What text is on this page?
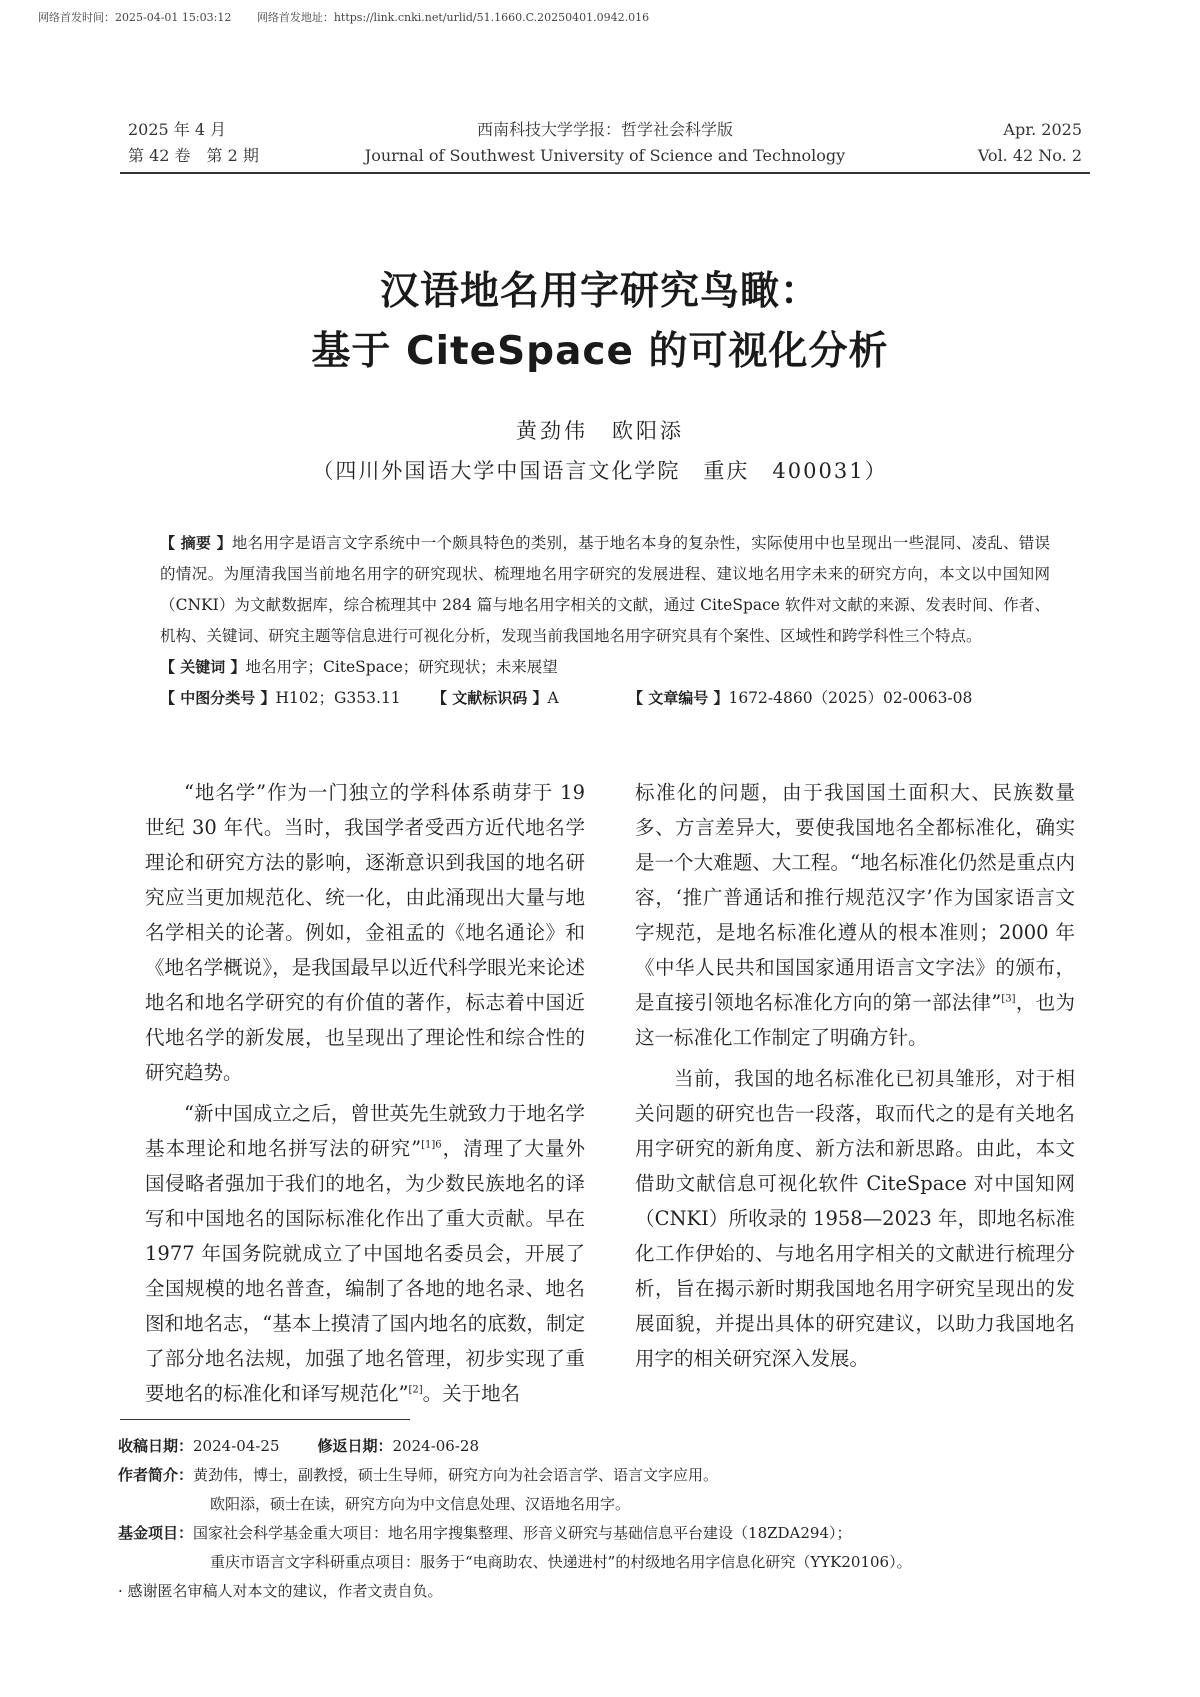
网络首发时间：2025-04-01 15:03:12 网络首发地址：https://link.cnki.net/urlid/51.1660.C.20250401.0942.016
2025 年 4 月
第 42 卷　第 2 期
西南科技大学学报：哲学社会科学版
Journal of Southwest University of Science and Technology
Apr. 2025
Vol. 42 No. 2
汉语地名用字研究鸟瞰：
基于 CiteSpace 的可视化分析
黄劲伟　欧阳添
（四川外国语大学中国语言文化学院　重庆　400031）

【 摘要 】地名用字是语言文字系统中一个颇具特色的类别，基于地名本身的复杂性，实际使用中也呈现出一些混同、凌乱、错误的情况。为厘清我国当前地名用字的研究现状、梳理地名用字研究的发展进程、建议地名用字未来的研究方向，本文以中国知网（CNKI）为文献数据库，综合梳理其中 284 篇与地名用字相关的文献，通过 CiteSpace 软件对文献的来源、发表时间、作者、机构、关键词、研究主题等信息进行可视化分析，发现当前我国地名用字研究具有个案性、区域性和跨学科性三个特点。

【 关键词 】地名用字；CiteSpace；研究现状；未来展望

【 中图分类号 】H102；G353.11 【 文献标识码 】A	【 文章编号 】1672-4860（2025）02-0063-08

“地名学”作为一门独立的学科体系萌芽于 19 世纪 30 年代。当时，我国学者受西方近代地名学理论和研究方法的影响，逐渐意识到我国的地名研究应当更加规范化、统一化，由此涌现出大量与地名学相关的论著。例如，金祖孟的《地名通论》和《地名学概说》，是我国最早以近代科学眼光来论述地名和地名学研究的有价值的著作，标志着中国近代地名学的新发展，也呈现出了理论性和综合性的研究趋势。

“新中国成立之后，曾世英先生就致力于地名学基本理论和地名拼写法的研究”$^{[1]6}$，清理了大量外国侵略者强加于我们的地名，为少数民族地名的译写和中国地名的国际标准化作出了重大贡献。早在 1977 年国务院就成立了中国地名委员会，开展了全国规模的地名普查，编制了各地的地名录、地名图和地名志，“基本上摸清了国内地名的底数，制定了部分地名法规，加强了地名管理，初步实现了重要地名的标准化和译写规范化”[2]。关于地名

标准化的问题，由于我国国土面积大、民族数量多、方言差异大，要使我国地名全都标准化，确实是一个大难题、大工程。“地名标准化仍然是重点内容，‘推广普通话和推行规范汉字’作为国家语言文字规范，是地名标准化遵从的根本准则；2000 年《中华人民共和国国家通用语言文字法》的颁布，是直接引领地名标准化方向的第一部法律”[3]，也为这一标准化工作制定了明确方针。

当前，我国的地名标准化已初具雏形，对于相关问题的研究也告一段落，取而代之的是有关地名用字研究的新角度、新方法和新思路。由此，本文借助文献信息可视化软件 CiteSpace 对中国知网（CNKI）所收录的 1958—2023 年，即地名标准化工作伊始的、与地名用字相关的文献进行梳理分析，旨在揭示新时期我国地名用字研究呈现出的发展面貌，并提出具体的研究建议，以助力我国地名用字的相关研究深入发展。

收稿日期：2024-04-25	修返日期：2024-06-28
作者简介：黄劲伟，博士，副教授，硕士生导师，研究方向为社会语言学、语言文字应用。
欧阳添，硕士在读，研究方向为中文信息处理、汉语地名用字。
基金项目：国家社会科学基金重大项目：地名用字搜集整理、形音义研究与基础信息平台建设（18ZDA294）；
重庆市语言文字科研重点项目：服务于“电商助农、快递进村”的村级地名用字信息化研究（YYK20106）。
· 感谢匿名审稿人对本文的建议，作者文责自负。
